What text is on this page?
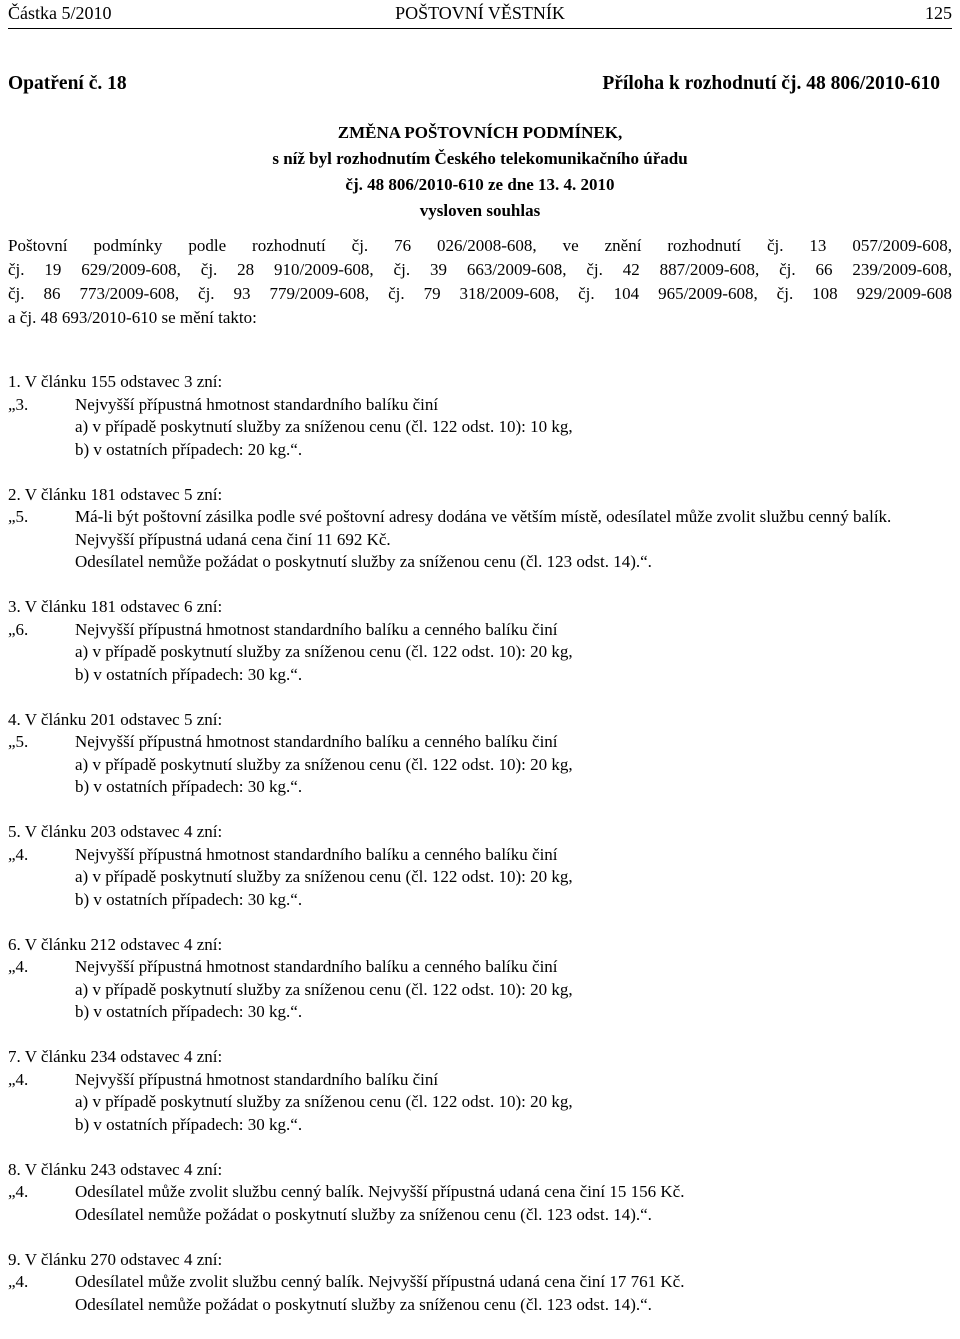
Částka 5/2010	POŠTOVNÍ VĚSTNÍK	125
Opatření č. 18	Příloha k rozhodnutí čj. 48 806/2010-610
ZMĚNA POŠTOVNÍCH PODMÍNEK,
s níž byl rozhodnutím Českého telekomunikačního úřadu
čj. 48 806/2010-610 ze dne 13. 4. 2010
vysloven souhlas
Poštovní podmínky podle rozhodnutí čj. 76 026/2008-608, ve znění rozhodnutí čj. 13 057/2009-608,
čj. 19 629/2009-608, čj. 28 910/2009-608, čj. 39 663/2009-608, čj. 42 887/2009-608, čj. 66 239/2009-608,
čj. 86 773/2009-608, čj. 93 779/2009-608, čj. 79 318/2009-608, čj. 104 965/2009-608, čj. 108 929/2009-608
a čj. 48 693/2010-610 se mění takto:

1. V článku 155 odstavec 3 zní:

„3.	Nejvyšší přípustná hmotnost standardního balíku činí
a) v případě poskytnutí služby za sníženou cenu (čl. 122 odst. 10): 10 kg,
b) v ostatních případech: 20 kg.“.

2. V článku 181 odstavec 5 zní:

„5.	Má-li být poštovní zásilka podle své poštovní adresy dodána ve větším místě, odesílatel může zvolit službu cenný balík. Nejvyšší přípustná udaná cena činí 11 692 Kč.
Odesílatel nemůže požádat o poskytnutí služby za sníženou cenu (čl. 123 odst. 14).“.

3. V článku 181 odstavec 6 zní:

„6.	Nejvyšší přípustná hmotnost standardního balíku a cenného balíku činí
a) v případě poskytnutí služby za sníženou cenu (čl. 122 odst. 10): 20 kg,
b) v ostatních případech: 30 kg.“.

4. V článku 201 odstavec 5 zní:

„5.	Nejvyšší přípustná hmotnost standardního balíku a cenného balíku činí
a) v případě poskytnutí služby za sníženou cenu (čl. 122 odst. 10): 20 kg,
b) v ostatních případech: 30 kg.“.

5. V článku 203 odstavec 4 zní:

„4.	Nejvyšší přípustná hmotnost standardního balíku a cenného balíku činí
a) v případě poskytnutí služby za sníženou cenu (čl. 122 odst. 10): 20 kg,
b) v ostatních případech: 30 kg.“.

6. V článku 212 odstavec 4 zní:

„4.	Nejvyšší přípustná hmotnost standardního balíku a cenného balíku činí
a) v případě poskytnutí služby za sníženou cenu (čl. 122 odst. 10): 20 kg,
b) v ostatních případech: 30 kg.“.

7. V článku 234 odstavec 4 zní:

„4.	Nejvyšší přípustná hmotnost standardního balíku činí
a) v případě poskytnutí služby za sníženou cenu (čl. 122 odst. 10): 20 kg,
b) v ostatních případech: 30 kg.“.

8. V článku 243 odstavec 4 zní:

„4.	Odesílatel může zvolit službu cenný balík. Nejvyšší přípustná udaná cena činí 15 156 Kč.
Odesílatel nemůže požádat o poskytnutí služby za sníženou cenu (čl. 123 odst. 14).“.

9. V článku 270 odstavec 4 zní:

„4.	Odesílatel může zvolit službu cenný balík. Nejvyšší přípustná udaná cena činí 17 761 Kč.
Odesílatel nemůže požádat o poskytnutí služby za sníženou cenu (čl. 123 odst. 14).“.
